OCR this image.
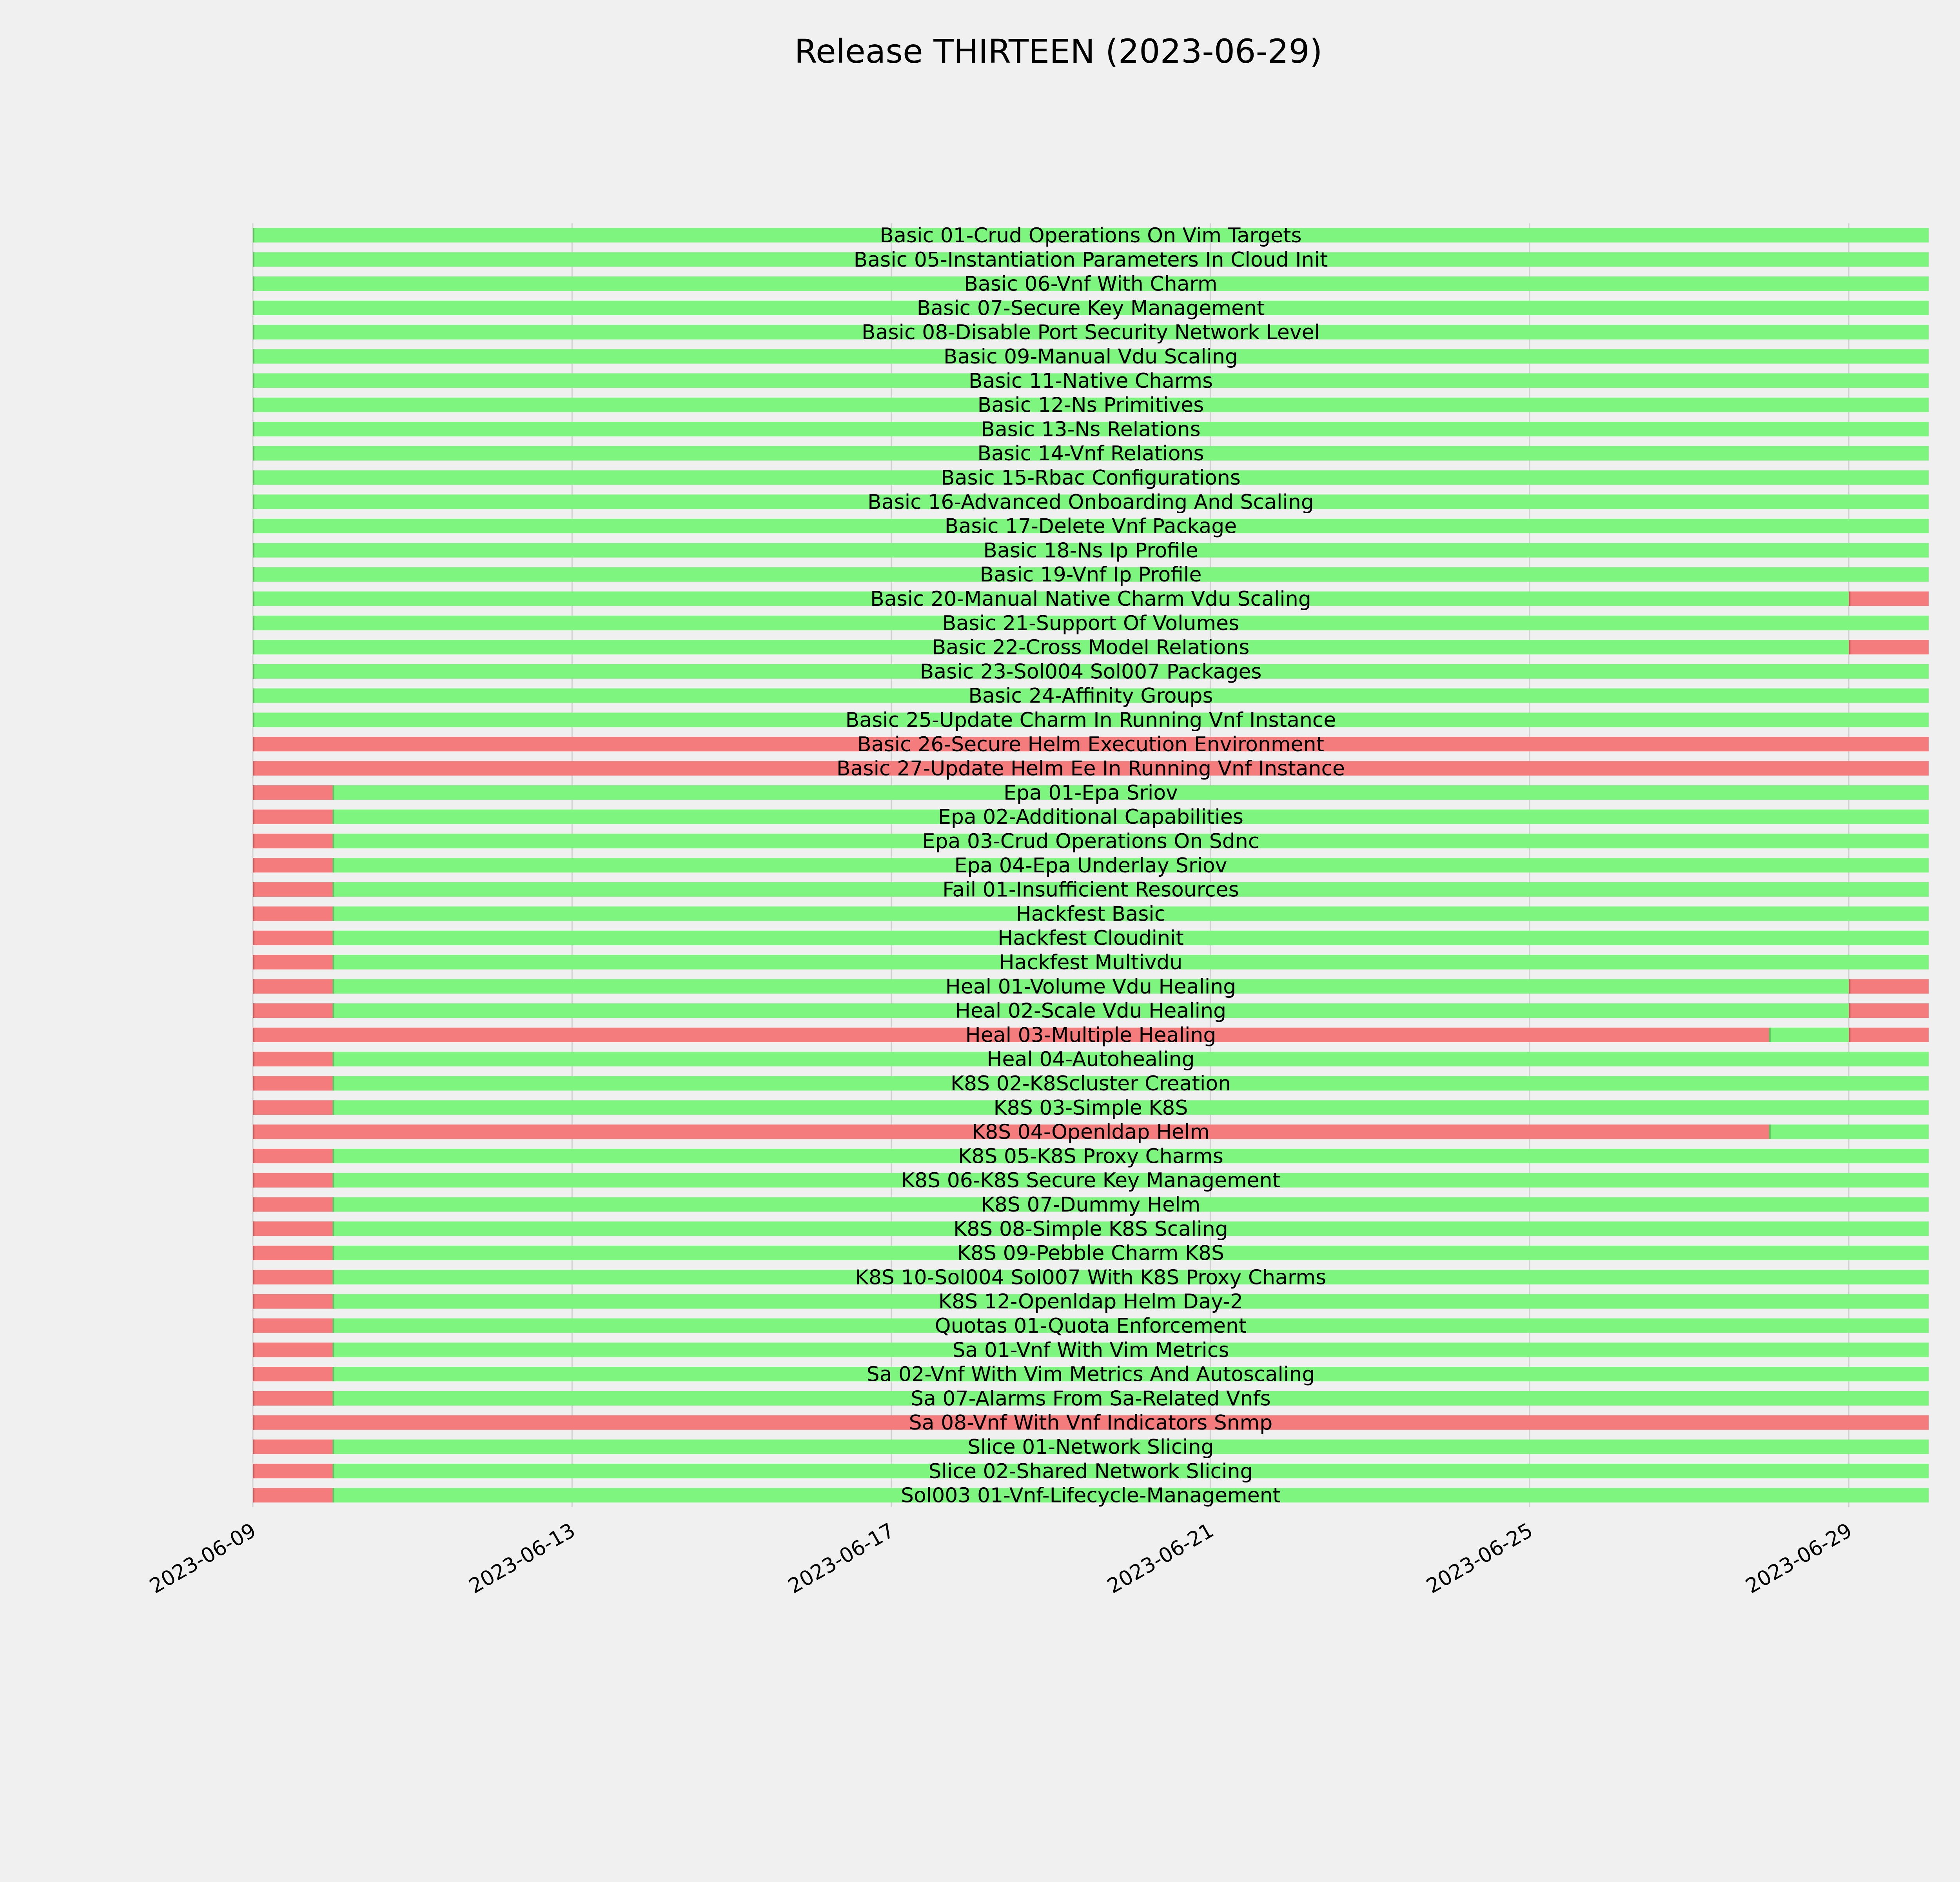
Release THIRTEEN (2023-06-29)
Basic 01-Crud Operations On Vim Targets
Basic 05-Instantiation Parameters In Cloud Init
Basic 06-Vnf With Charm
Basic 07-Secure Key Management
Basic 08-Disable Port Security Network Level
Basic 09-Manual Vdu Scaling
Basic 11-Native Charms
Basic 12-Ns Primitives
Basic 13-Ns Relations
Basic 14-Vnf Relations
Basic 15-Rbac Configurations
Basic 16-Advanced Onboarding And Scaling
Basic 17-Delete Vnf Package
Basic 18-Ns Ip Profile
Basic 19-Vnf Ip Profile
Basic 20-Manual Native Charm Vdu Scaling
Basic 21-Support Of Volumes
Basic 22-Cross Model Relations
Basic 23-Sol004 Sol007 Packages
Basic 24-Affinity Groups
Basic 25-Update Charm In Running Vnf Instance
Basic 26-Secure Helm Execution Environment
Basic 27-Update Helm Ee In Running Vnf Instance
Epa 01-Epa Sriov
Epa 02-Additional Capabilities
Epa 03-Crud Operations On Sdnc
Epa 04-Epa Underlay Sriov
Fail 01-Insufficient Resources
Hackfest Basic
Hackfest Cloudinit
Hackfest Multivdu
Heal 01-Volume Vdu Healing
Heal 02-Scale Vdu Healing
Heal 03-Multiple Healing
Heal 04-Autohealing
K8S 02-K8Scluster Creation
K8S 03-Simple K8S
K8S 04-Openldap Helm
K8S 05-K8S Proxy Charms
K8S 06-K8S Secure Key Management
K8S 07-Dummy Helm
K8S 08-Simple K8S Scaling
K8S 09-Pebble Charm K8S
K8S 10-Sol004 Sol007 With K8S Proxy Charms
K8S 12-Openldap Helm Day-2
Quotas 01-Quota Enforcement
Sa 01-Vnf With Vim Metrics
Sa 02-Vnf With Vim Metrics And Autoscaling
Sa 07-Alarms From Sa-Related Vnfs
Sa 08-Vnf With Vnf Indicators Snmp
Slice 01-Network Slicing
Slice 02-Shared Network Slicing
Sol003 01-Vnf-Lifecycle-Management
2023-06-09	2023-06-13	2023-06-17	2023-06-21	2023-06-25	2023-06-29
